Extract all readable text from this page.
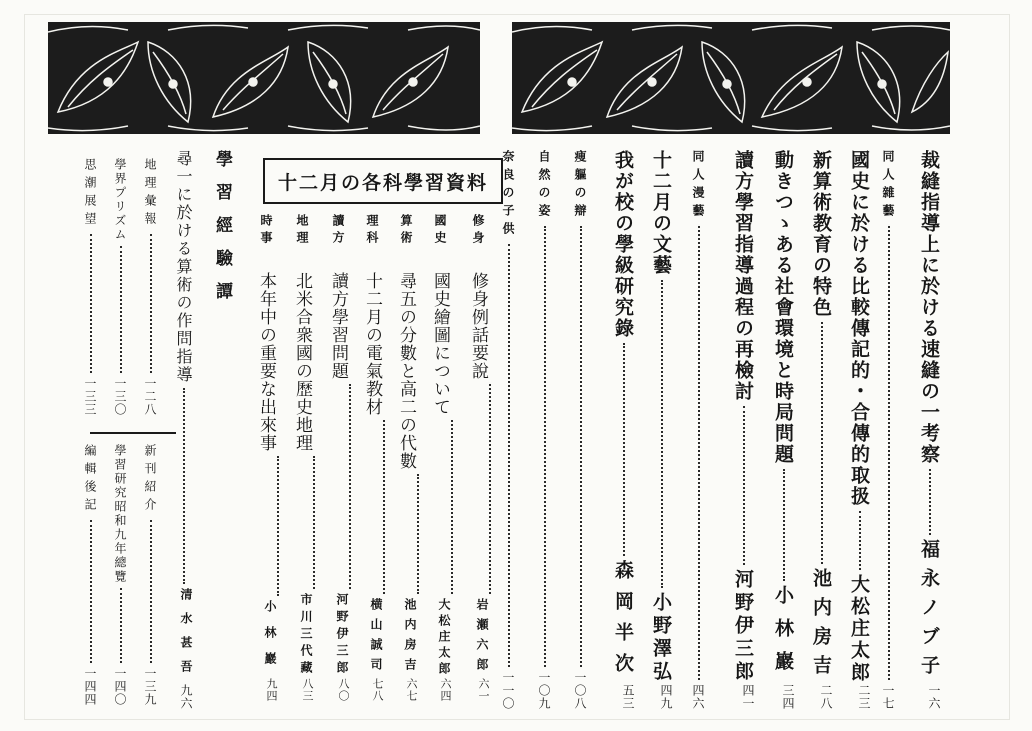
裁縫指導上に於ける速縫の一考察
福永ノブ子
一六
同人雜藝
一七
國史に於ける比較傳記的・合傳的取扱
大松庄太郎
二三
新算術教育の特色
池内房吉
二八
動きつゝある社會環境と時局問題
小林巖
三四
讀方學習指導過程の再檢討
河野伊三郎
四一
同人漫藝
四六
十二月の文藝
小野澤弘
四九
我が校の學級研究錄
森岡半次
五三
痩軀の辯
一〇八
自然の姿
一〇九
奈良の子供
一一〇
十二月の各科學習資料
修身
修身例話要說
岩瀬六郎
六一
國史
國史繪圖について
大松庄太郎
六四
算術
尋五の分數と高二の代數
池内房吉
六七
理科
十二月の電氣教材
横山誠司
七八
讀方
讀方學習問題
河野伊三郎
八〇
地理
北米合衆國の歷史地理
市川三代藏
八三
時事
本年中の重要な出來事
小林巖
九四
學習經驗譚
尋一に於ける算術の作問指導
清水甚吾
九六
地理彙報
一二八
學界プリズム
一三〇
思潮展望
一三三
新刊紹介
一三九
學習研究昭和九年總覽
一四〇
編輯後記
一四四
